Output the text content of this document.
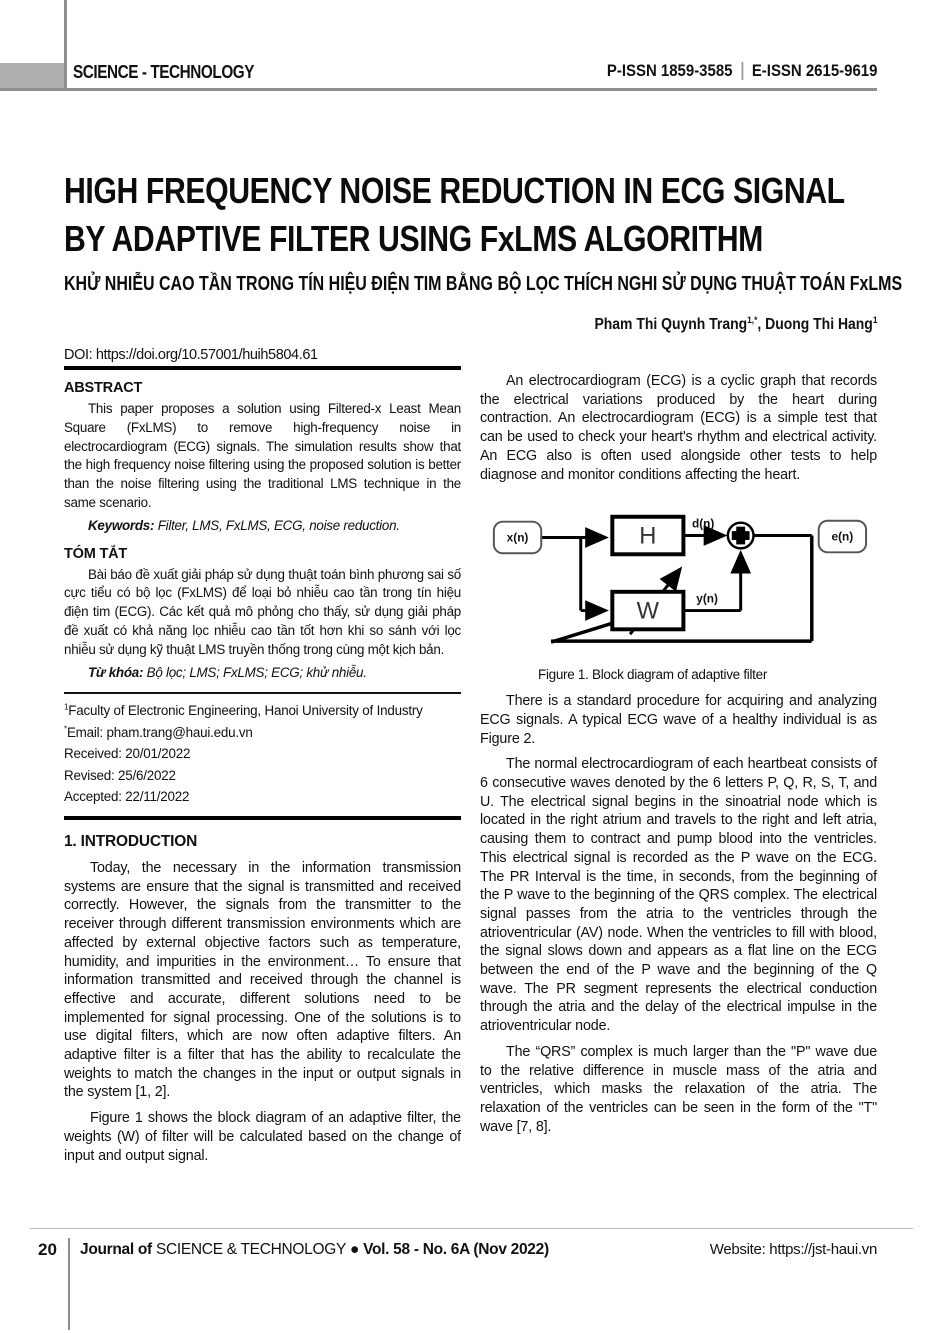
SCIENCE - TECHNOLOGY	P-ISSN 1859-3585 E-ISSN 2615-9619
HIGH FREQUENCY NOISE REDUCTION IN ECG SIGNAL
BY ADAPTIVE FILTER USING FxLMS ALGORITHM
KHỬ NHIỄU CAO TẦN TRONG TÍN HIỆU ĐIỆN TIM BẰNG BỘ LỌC THÍCH NGHI SỬ DỤNG THUẬT TOÁN FxLMS
Pham Thi Quynh Trang$^{1,*}$, Duong Thi Hang$^1$
DOI: https://doi.org/10.57001/huih5804.61
ABSTRACT

This paper proposes a solution using Filtered-x Least Mean Square (FxLMS) to remove high-frequency noise in electrocardiogram (ECG) signals. The simulation results show that the high frequency noise filtering using the proposed solution is better than the noise filtering using the traditional LMS technique in the same scenario.

Keywords: Filter, LMS, FxLMS, ECG, noise reduction.

TÓM TẮT

Bài báo đề xuất giải pháp sử dụng thuật toán bình phương sai số cực tiểu có bộ lọc (FxLMS) để loại bỏ nhiễu cao tần trong tín hiệu điện tim (ECG). Các kết quả mô phỏng cho thấy, sử dụng giải pháp đề xuất có khả năng lọc nhiễu cao tần tốt hơn khi so sánh với lọc nhiễu sử dụng kỹ thuật LMS truyền thống trong cùng một kịch bản.

Từ khóa: Bộ lọc; LMS; FxLMS; ECG; khử nhiễu.

$^1$Faculty of Electronic Engineering, Hanoi University of Industry
*Email: pham.trang@haui.edu.vn
Received: 20/01/2022
Revised: 25/6/2022
Accepted: 22/11/2022
1. INTRODUCTION

Today, the necessary in the information transmission systems are ensure that the signal is transmitted and received correctly. However, the signals from the transmitter to the receiver through different transmission environments which are affected by external objective factors such as temperature, humidity, and impurities in the environment… To ensure that information transmitted and received through the channel is effective and accurate, different solutions need to be implemented for signal processing. One of the solutions is to use digital filters, which are now often adaptive filters. An adaptive filter is a filter that has the ability to recalculate the weights to match the changes in the input or output signals in the system [1, 2].

Figure 1 shows the block diagram of an adaptive filter, the weights (W) of filter will be calculated based on the change of input and output signal.

An electrocardiogram (ECG) is a cyclic graph that records the electrical variations produced by the heart during contraction. An electrocardiogram (ECG) is a simple test that can be used to check your heart's rhythm and electrical activity. An ECG also is often used alongside other tests to help diagnose and monitor conditions affecting the heart.

x(n)	H
W
e(n)
d(n)
y(n)
Figure 1. Block diagram of adaptive filter

There is a standard procedure for acquiring and analyzing ECG signals. A typical ECG wave of a healthy individual is as Figure 2.

The normal electrocardiogram of each heartbeat consists of 6 consecutive waves denoted by the 6 letters P, Q, R, S, T, and U. The electrical signal begins in the sinoatrial node which is located in the right atrium and travels to the right and left atria, causing them to contract and pump blood into the ventricles. This electrical signal is recorded as the P wave on the ECG. The PR Interval is the time, in seconds, from the beginning of the P wave to the beginning of the QRS complex. The electrical signal passes from the atria to the ventricles through the atrioventricular (AV) node. When the ventricles to fill with blood, the signal slows down and appears as a flat line on the ECG between the end of the P wave and the beginning of the Q wave. The PR segment represents the electrical conduction through the atria and the delay of the electrical impulse in the atrioventricular node.

The “QRS” complex is much larger than the "P" wave due to the relative difference in muscle mass of the atria and ventricles, which masks the relaxation of the atria. The relaxation of the ventricles can be seen in the form of the "T" wave [7, 8].

20 Journal of SCIENCE & TECHNOLOGY ● Vol. 58 - No. 6A (Nov 2022)	Website: https://jst-haui.vn
